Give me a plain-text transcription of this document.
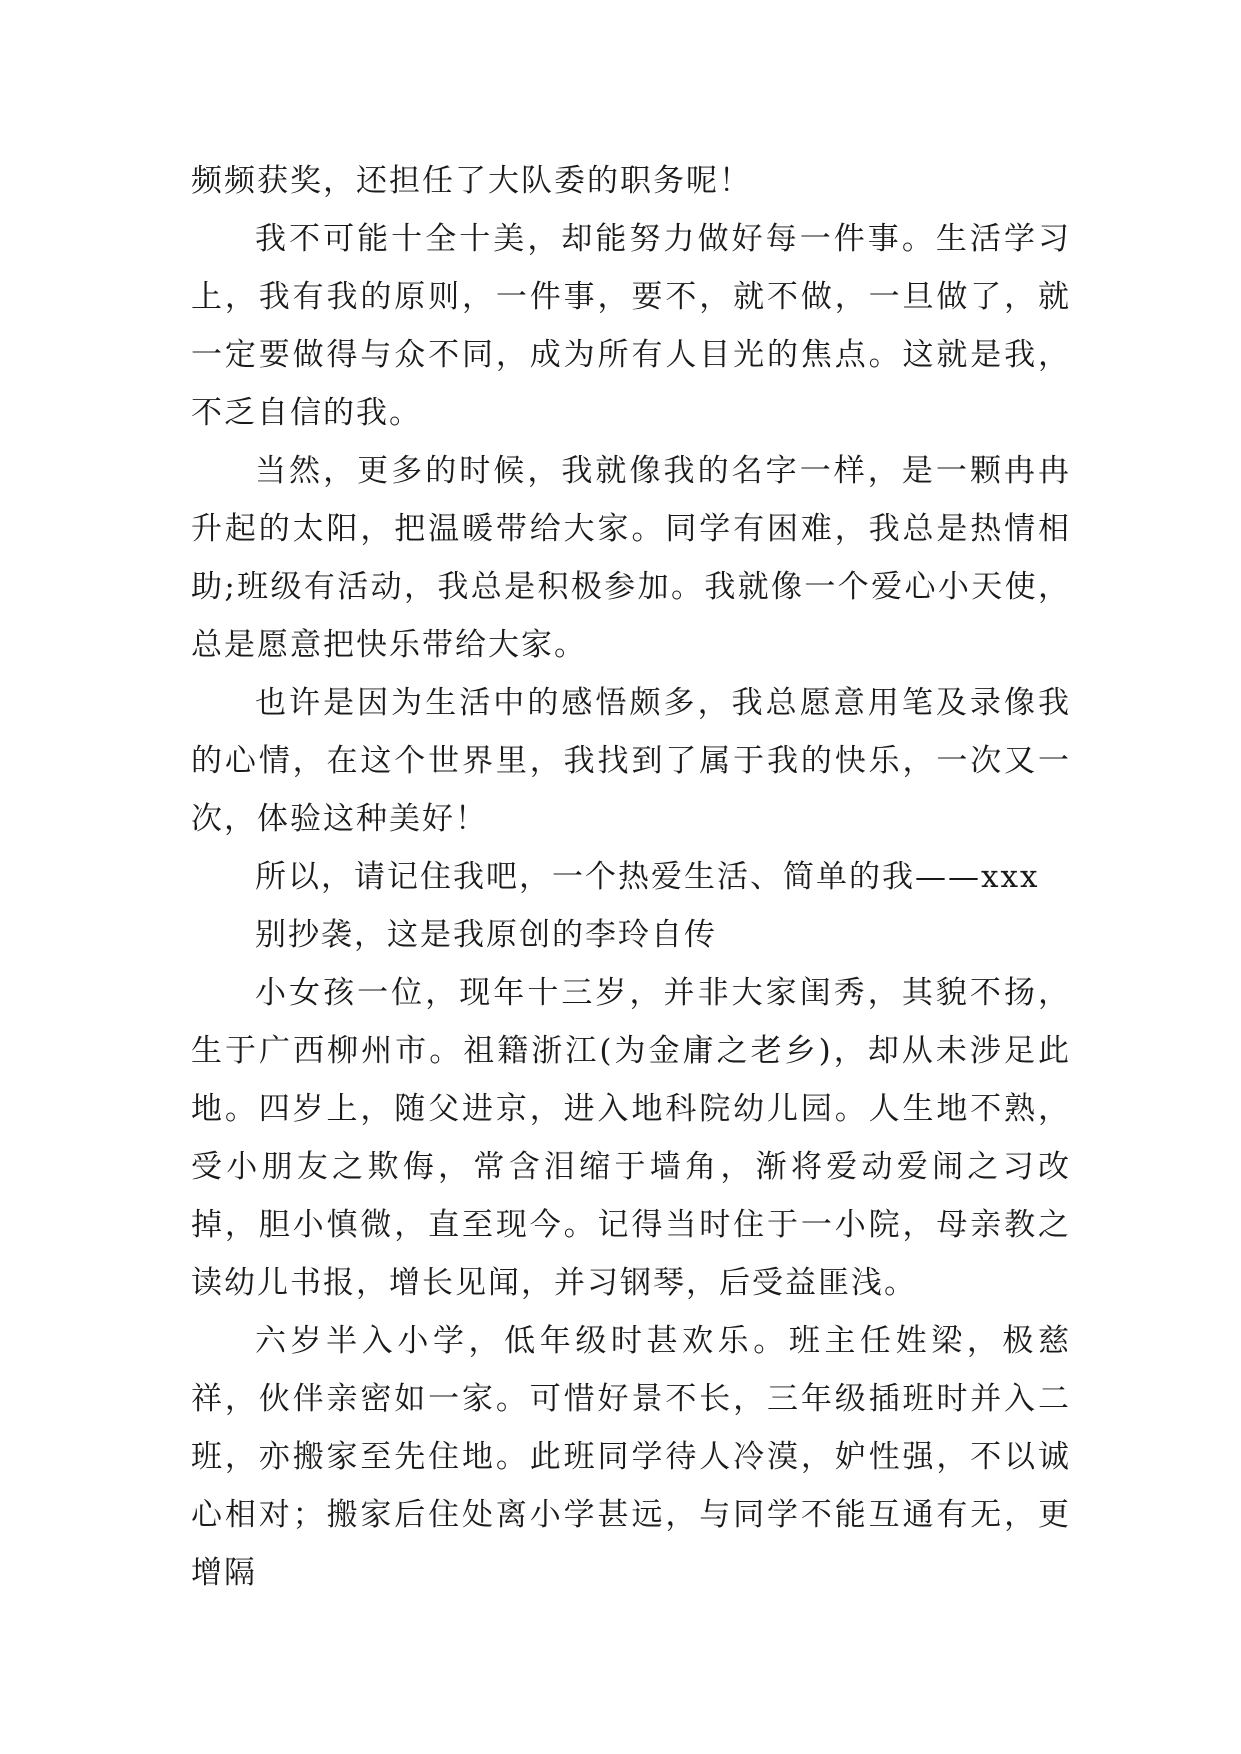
频频获奖，还担任了大队委的职务呢！

我不可能十全十美，却能努力做好每一件事。生活学习上，我有我的原则，一件事，要不，就不做，一旦做了，就一定要做得与众不同，成为所有人目光的焦点。这就是我，不乏自信的我。

当然，更多的时候，我就像我的名字一样，是一颗冉冉升起的太阳，把温暖带给大家。同学有困难，我总是热情相助;班级有活动，我总是积极参加。我就像一个爱心小天使，总是愿意把快乐带给大家。

也许是因为生活中的感悟颇多，我总愿意用笔及录像我的心情，在这个世界里，我找到了属于我的快乐，一次又一次，体验这种美好！

所以，请记住我吧，一个热爱生活、简单的我——xxx

别抄袭，这是我原创的李玲自传

小女孩一位，现年十三岁，并非大家闺秀，其貌不扬，生于广西柳州市。祖籍浙江(为金庸之老乡)，却从未涉足此地。四岁上，随父进京，进入地科院幼儿园。人生地不熟，受小朋友之欺侮，常含泪缩于墙角，渐将爱动爱闹之习改掉，胆小慎微，直至现今。记得当时住于一小院，母亲教之读幼儿书报，增长见闻，并习钢琴，后受益匪浅。

六岁半入小学，低年级时甚欢乐。班主任姓梁，极慈祥，伙伴亲密如一家。可惜好景不长，三年级插班时并入二班，亦搬家至先住地。此班同学待人冷漠，妒性强，不以诚心相对；搬家后住处离小学甚远，与同学不能互通有无，更增隔
